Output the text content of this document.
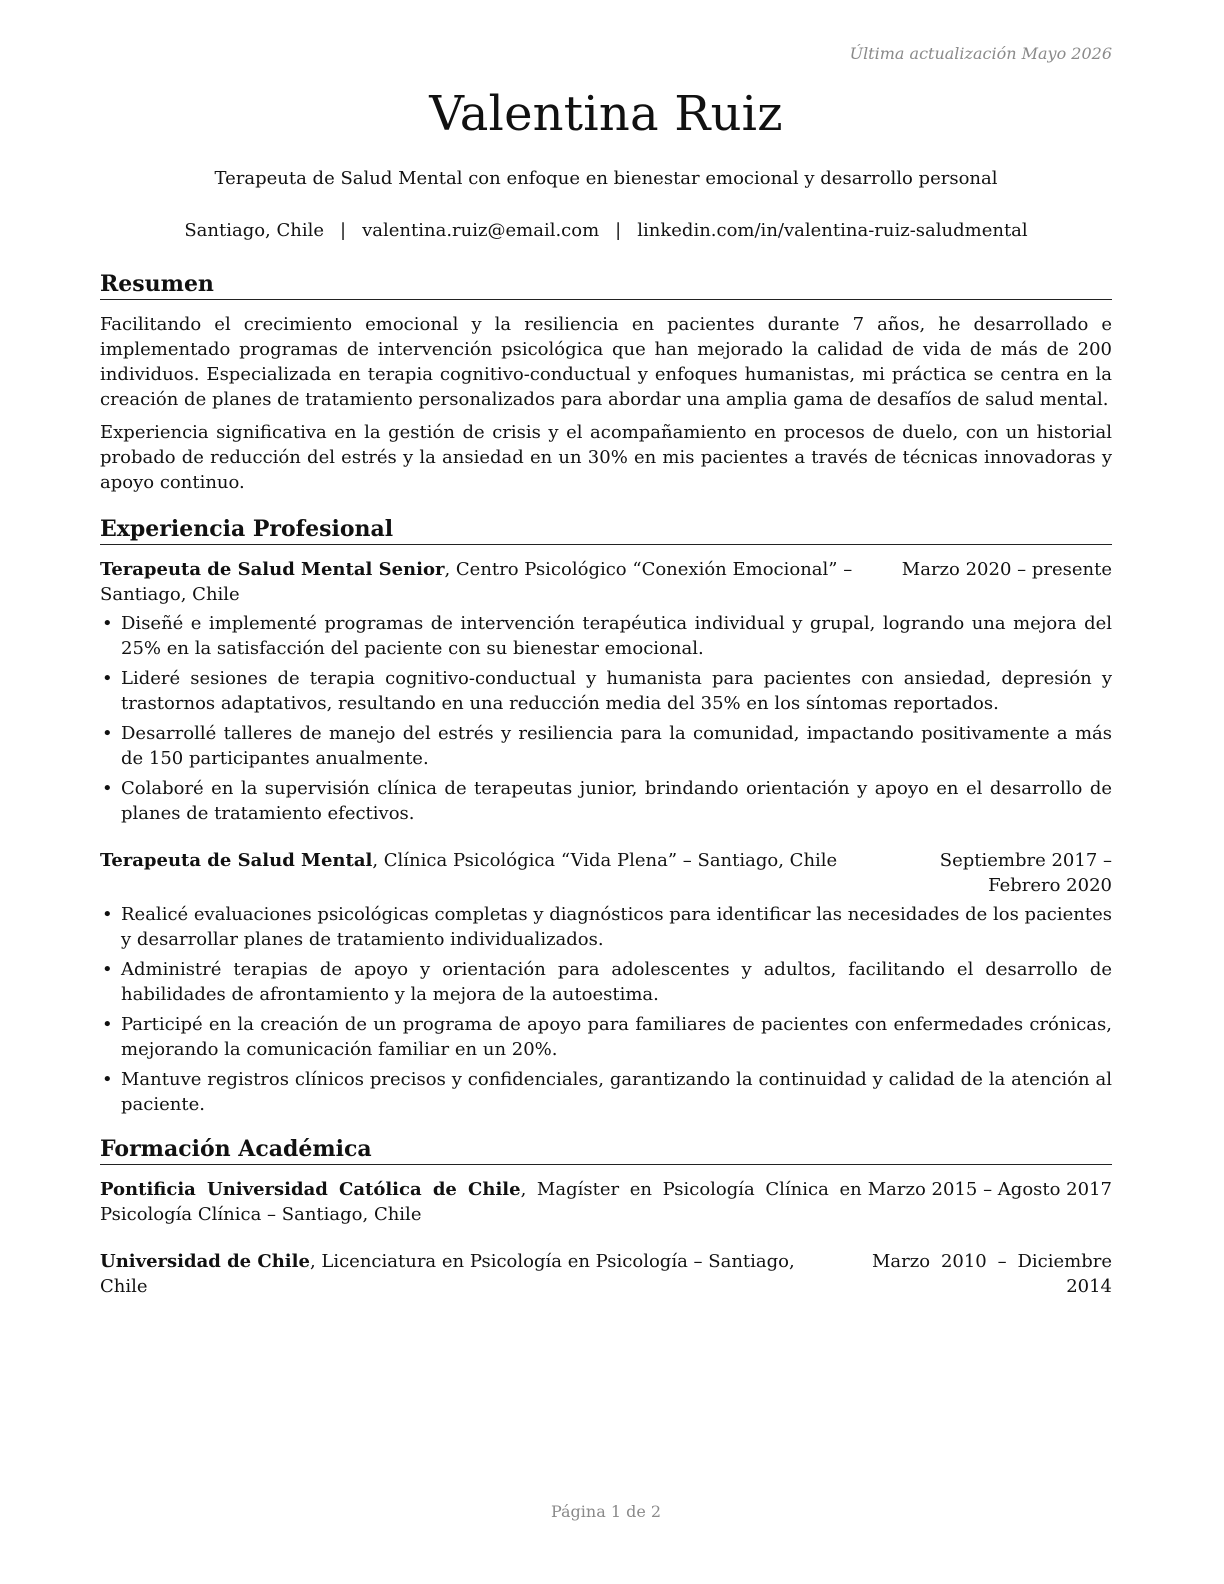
Última actualización Mayo 2026
Valentina Ruiz
Terapeuta de Salud Mental con enfoque en bienestar emocional y desarrollo personal
Santiago, Chile | valentina.ruiz@email.com | linkedin.com/in/valentina-ruiz-saludmental
Resumen

Facilitando el crecimiento emocional y la resiliencia en pacientes durante 7 años, he desarrollado e implementado programas de intervención psicológica que han mejorado la calidad de vida de más de 200 individuos. Especializada en terapia cognitivo-conductual y enfoques humanistas, mi práctica se centra en la creación de planes de tratamiento personalizados para abordar una amplia gama de desafíos de salud mental.

Experiencia significativa en la gestión de crisis y el acompañamiento en procesos de duelo, con un historial probado de reducción del estrés y la ansiedad en un 30% en mis pacientes a través de técnicas innovadoras y apoyo continuo.

Experiencia Profesional
Terapeuta de Salud Mental Senior, Centro Psicológico “Conexión Emocional” – Santiago, Chile
Marzo 2020 – presente
• Diseñé e implementé programas de intervención terapéutica individual y grupal, logrando una mejora del 25% en la satisfacción del paciente con su bienestar emocional.
• Lideré sesiones de terapia cognitivo-conductual y humanista para pacientes con ansiedad, depresión y trastornos adaptativos, resultando en una reducción media del 35% en los síntomas reportados.
• Desarrollé talleres de manejo del estrés y resiliencia para la comunidad, impactando positivamente a más de 150 participantes anualmente.
• Colaboré en la supervisión clínica de terapeutas junior, brindando orientación y apoyo en el desarrollo de planes de tratamiento efectivos.
Terapeuta de Salud Mental, Clínica Psicológica “Vida Plena” – Santiago, Chile	Septiembre 2017 – Febrero 2020
• Realicé evaluaciones psicológicas completas y diagnósticos para identificar las necesidades de los pacientes y desarrollar planes de tratamiento individualizados.
• Administré terapias de apoyo y orientación para adolescentes y adultos, facilitando el desarrollo de habilidades de afrontamiento y la mejora de la autoestima.
• Participé en la creación de un programa de apoyo para familiares de pacientes con enfermedades crónicas, mejorando la comunicación familiar en un 20%.
• Mantuve registros clínicos precisos y confidenciales, garantizando la continuidad y calidad de la atención al paciente.
Formación Académica
Pontificia Universidad Católica de Chile, Magíster en Psicología Clínica en Psicología Clínica – Santiago, Chile
Marzo 2015 – Agosto 2017
Universidad de Chile, Licenciatura en Psicología en Psicología – Santiago, Chile
Marzo 2010 – Diciembre 2014
Página 1 de 2
